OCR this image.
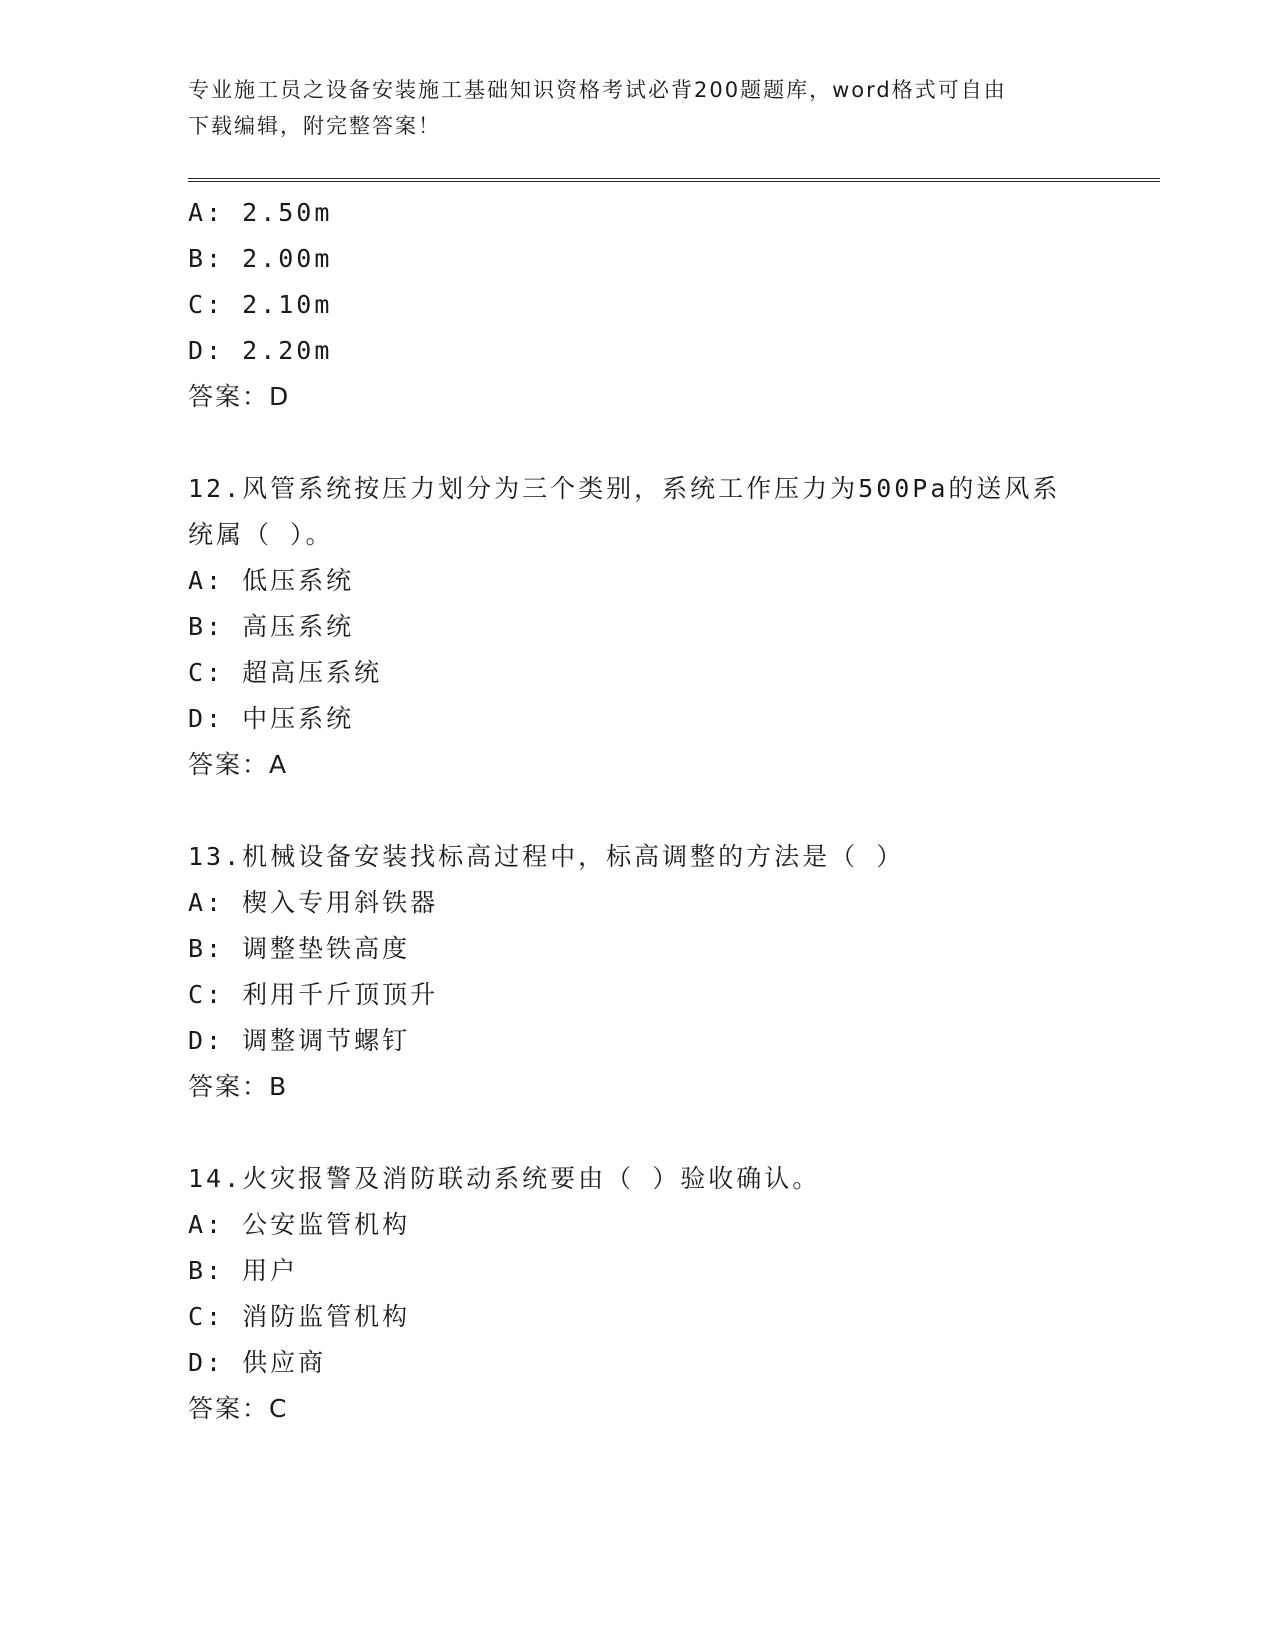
专业施工员之设备安装施工基础知识资格考试必背200题题库，word格式可自由
下载编辑，附完整答案！
A: 2.50m
B: 2.00m
C: 2.10m
D: 2.20m
答案：D
12.风管系统按压力划分为三个类别，系统工作压力为500Pa的送风系
统属（ ）。
A: 低压系统
B: 高压系统
C: 超高压系统
D: 中压系统
答案：A
13.机械设备安装找标高过程中，标高调整的方法是（ ）
A: 楔入专用斜铁器
B: 调整垫铁高度
C: 利用千斤顶顶升
D: 调整调节螺钉
答案：B
14.火灾报警及消防联动系统要由（ ）验收确认。
A: 公安监管机构
B: 用户
C: 消防监管机构
D: 供应商
答案：C
